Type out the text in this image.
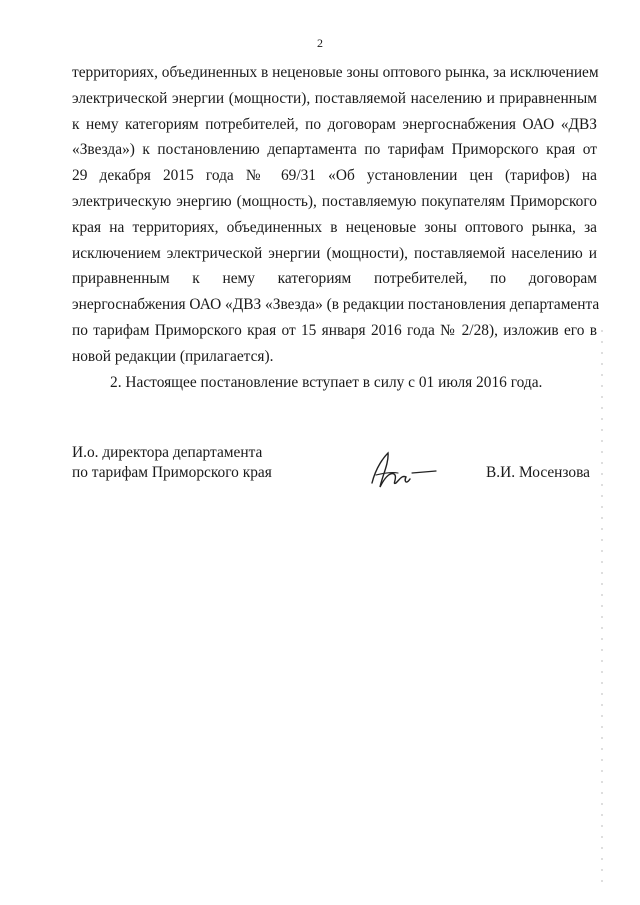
2
территориях, объединенных в неценовые зоны оптового рынка, за исключением
электрической энергии (мощности), поставляемой населению и приравненным
к нему категориям потребителей, по договорам энергоснабжения ОАО «ДВЗ
«Звезда») к постановлению департамента по тарифам Приморского края от
29 декабря 2015 года № 69/31 «Об установлении цен (тарифов) на
электрическую энергию (мощность), поставляемую покупателям Приморского
края на территориях, объединенных в неценовые зоны оптового рынка, за
исключением электрической энергии (мощности), поставляемой населению и
приравненным к нему категориям потребителей, по договорам
энергоснабжения ОАО «ДВЗ «Звезда» (в редакции постановления департамента
по тарифам Приморского края от 15 января 2016 года № 2/28), изложив его в
новой редакции (прилагается).
2. Настоящее постановление вступает в силу с 01 июля 2016 года.
И.о. директора департамента
по тарифам Приморского края	В.И. Мосензова
